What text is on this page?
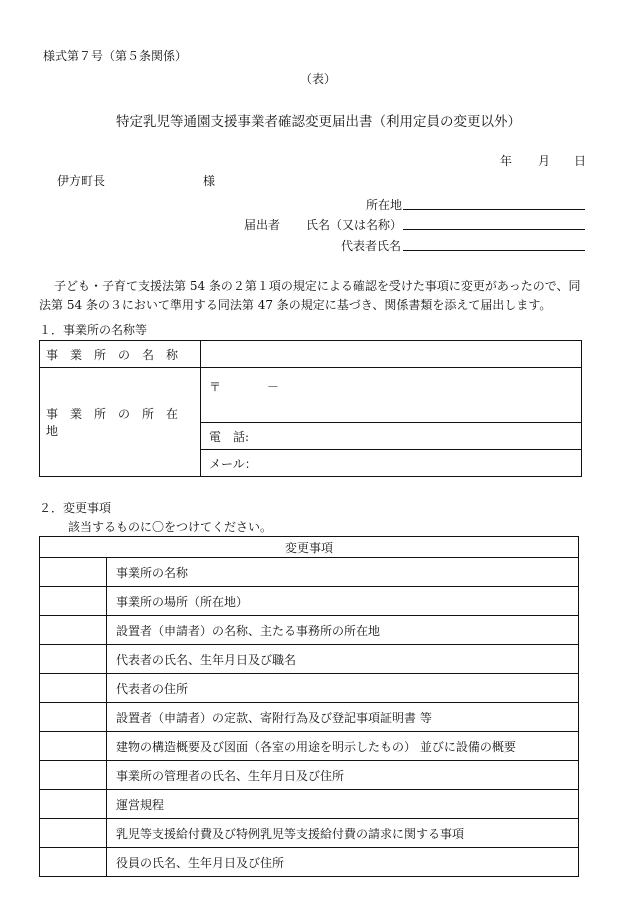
様式第７号（第５条関係）
（表）
特定乳児等通園支援事業者確認変更届出書（利用定員の変更以外）
年 月 日
伊方町長	様
所在地
届出者 氏名（又は名称）
代表者氏名
子ども・子育て支援法第 54 条の２第１項の規定による確認を受けた事項に変更があったので、同
法第 54 条の３において準用する同法第 47 条の規定に基づき、関係書類を添えて届出します。
１．事業所の名称等
事　業　所　の　名　称	
事　業　所　の　所　在　地	〒 －
	電　話:
	メール：
２．変更事項
該当するものに〇をつけてください。
変更事項	
	事業所の名称
	事業所の場所（所在地）
	設置者（申請者）の名称、主たる事務所の所在地
	代表者の氏名、生年月日及び職名
	代表者の住所
	設置者（申請者）の定款、寄附行為及び登記事項証明書 等
	建物の構造概要及び図面（各室の用途を明示したもの） 並びに設備の概要
	事業所の管理者の氏名、生年月日及び住所
	運営規程
	乳児等支援給付費及び特例乳児等支援給付費の請求に関する事項
	役員の氏名、生年月日及び住所
